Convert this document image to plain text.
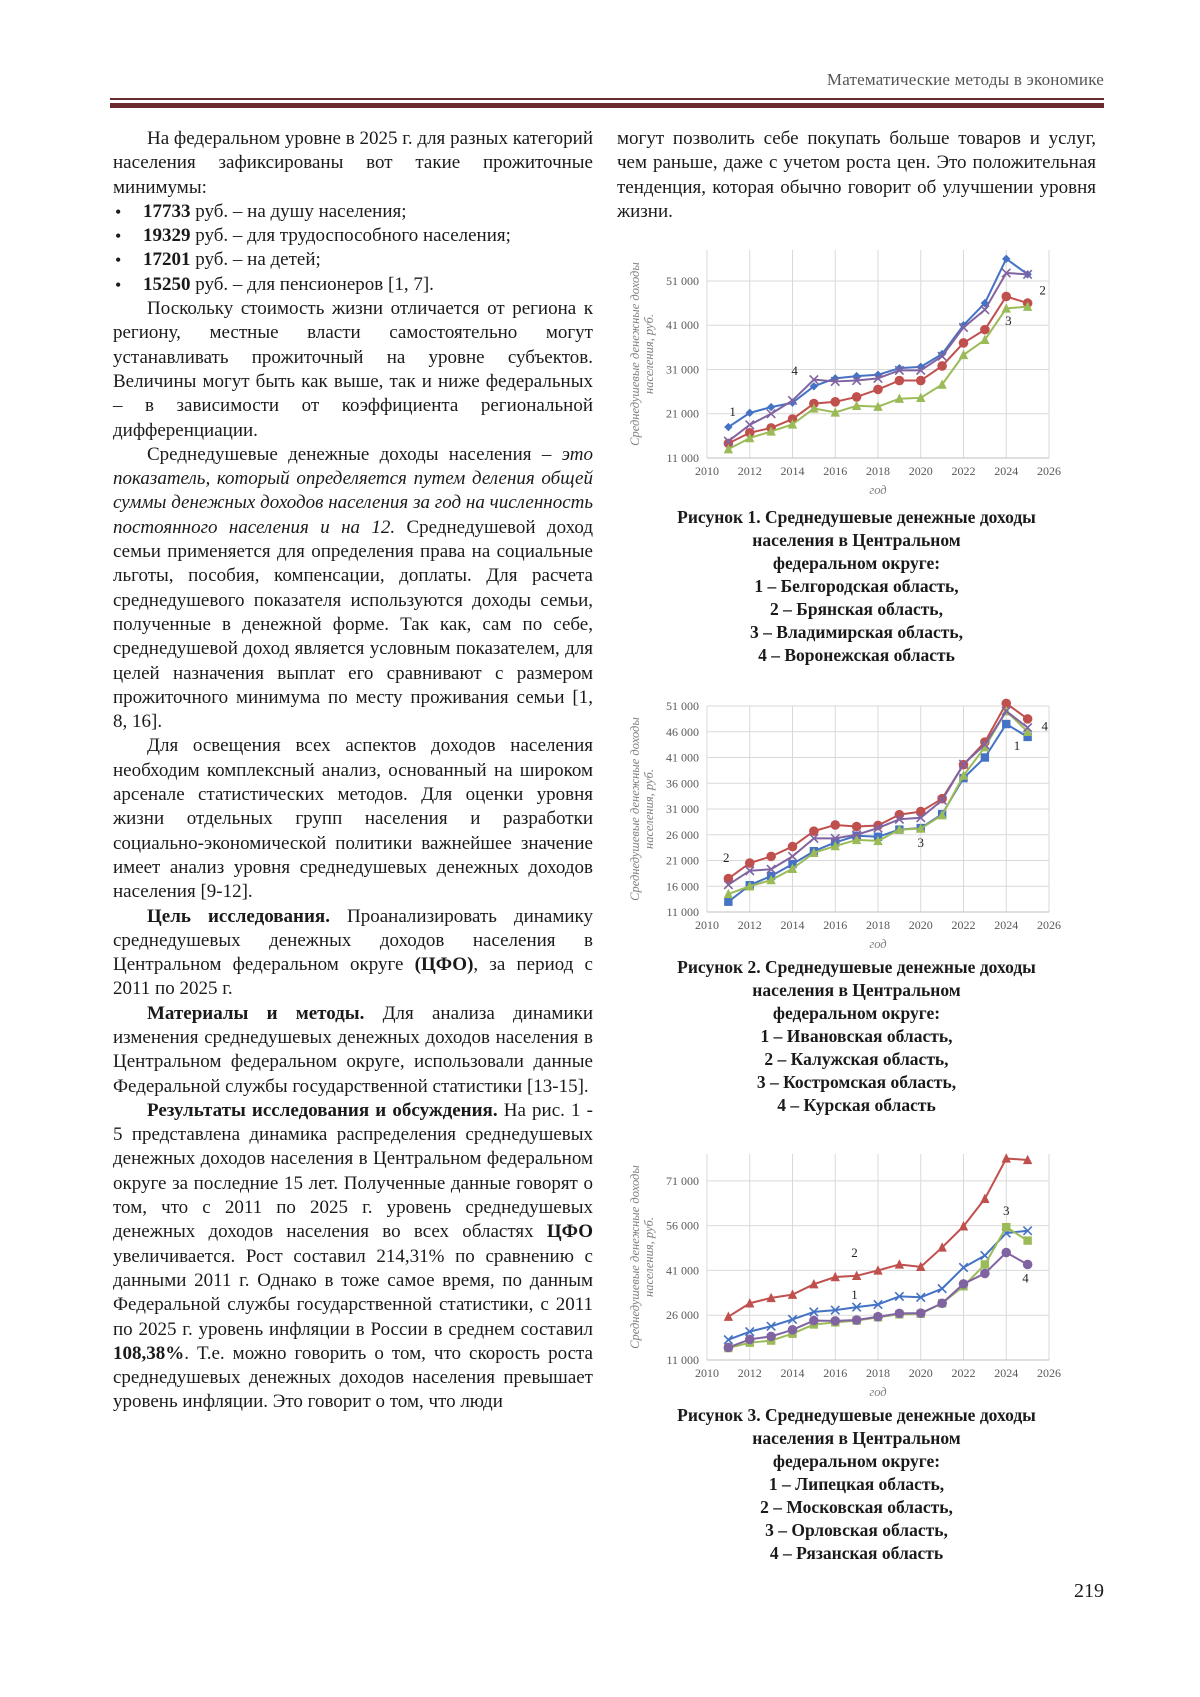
Математические методы в экономике

На федеральном уровне в 2025 г. для разных категорий населения зафиксированы вот такие прожиточные минимумы:

• 17733 руб. – на душу населения;
• 19329 руб. – для трудоспособного населения;
• 17201 руб. – на детей;
• 15250 руб. – для пенсионеров [1, 7].

Поскольку стоимость жизни отличается от региона к региону, местные власти самостоятельно могут устанавливать прожиточный на уровне субъектов. Величины могут быть как выше, так и ниже федеральных – в зависимости от коэффициента региональной дифференциации.

Среднедушевые денежные доходы населения – это показатель, который определяется путем деления общей суммы денежных доходов населения за год на численность постоянного населения и на 12. Среднедушевой доход семьи применяется для определения права на социальные льготы, пособия, компенсации, доплаты. Для расчета среднедушевого показателя используются доходы семьи, полученные в денежной форме. Так как, сам по себе, среднедушевой доход является условным показателем, для целей назначения выплат его сравнивают с размером прожиточного минимума по месту проживания семьи [1, 8, 16].

Для освещения всех аспектов доходов населения необходим комплексный анализ, основанный на широком арсенале статистических методов. Для оценки уровня жизни отдельных групп населения и разработки социально-экономической политики важнейшее значение имеет анализ уровня среднедушевых денежных доходов населения [9-12].

Цель исследования. Проанализировать динамику среднедушевых денежных доходов населения в Центральном федеральном округе (ЦФО), за период с 2011 по 2025 г.

Материалы и методы. Для анализа динамики изменения среднедушевых денежных доходов населения в Центральном федеральном округе, использовали данные Федеральной службы государственной статистики [13-15].

Результаты исследования и обсуждения. На рис. 1 - 5 представлена динамика распределения среднедушевых денежных доходов населения в Центральном федеральном округе за последние 15 лет. Полученные данные говорят о том, что с 2011 по 2025 г. уровень среднедушевых денежных доходов населения во всех областях ЦФО увеличивается. Рост составил 214,31% по сравнению с данными 2011 г. Однако в тоже самое время, по данным Федеральной службы государственной статистики, с 2011 по 2025 г. уровень инфляции в России в среднем составил 108,38%. Т.е. можно говорить о том, что скорость роста среднедушевых денежных доходов населения превышает уровень инфляции. Это говорит о том, что люди

могут позволить себе покупать больше товаров и услуг, чем раньше, даже с учетом роста цен. Это положительная тенденция, которая обычно говорит об улучшении уровня жизни.

2010 2012 2014 2016 2018 2020 2022 2024 2026
11 000
21 000
31 000
41 000
51 000
год
Среднедушевые денежные доходы населения, руб.
1
2
3
4
Рисунок 1. Среднедушевые денежные доходы
населения в Центральном
федеральном округе:
1 – Белгородская область,
2 – Брянская область,
3 – Владимирская область,
4 – Воронежская область
2010 2012 2014 2016 2018 2020 2022 2024 2026
11 000
16 000
21 000
26 000
31 000
36 000
41 000
46 000
51 000
год
Среднедушевые денежные доходы населения, руб.
1
2
3
4
Рисунок 2. Среднедушевые денежные доходы
населения в Центральном
федеральном округе:
1 – Ивановская область,
2 – Калужская область,
3 – Костромская область,
4 – Курская область
2010 2012 2014 2016 2018 2020 2022 2024 2026
11 000
26 000
41 000
56 000
71 000
год
Среднедушевые денежные доходы населения, руб.	1
2
3
4
Рисунок 3. Среднедушевые денежные доходы
населения в Центральном
федеральном округе:
1 – Липецкая область,
2 – Московская область,
3 – Орловская область,
4 – Рязанская область
219
